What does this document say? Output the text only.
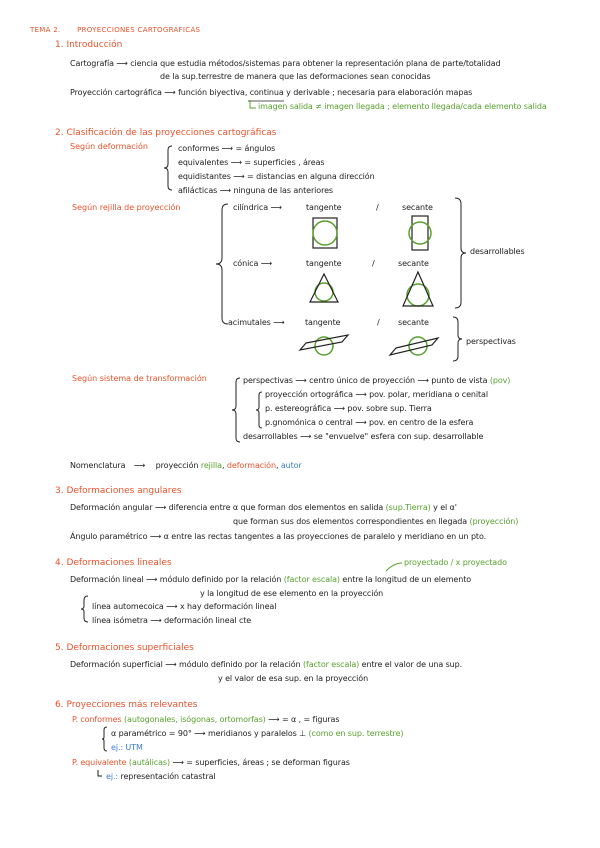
TEMA 2. PROYECCIONES CARTOGRÁFICAS
1. Introducción
Cartografía ⟶ ciencia que estudia métodos/sistemas para obtener la representación plana de parte/totalidad
de la sup.terrestre de manera que las deformaciones sean conocidas
Proyección cartográfica ⟶ función biyectiva, continua y derivable ; necesaria para elaboración mapas
imagen salida ≠ imagen llegada ; elemento llegada/cada elemento salida
2. Clasificación de las proyecciones cartográficas
Según deformación	conformes ⟶ = ángulos
equivalentes ⟶ = superficies , áreas
equidistantes ⟶ = distancias en alguna dirección
afilácticas ⟶ ninguna de las anteriores
Según rejilla de proyección	cilíndrica ⟶	tangente	/	secante
cónica ⟶	tangente	/	secante
acimutales ⟶	tangente	/ secante
desarrollables
perspectivas
Según sistema de transformación	perspectivas ⟶ centro único de proyección ⟶ punto de vista (pov)
proyección ortográfica ⟶ pov. polar, meridiana o cenital
p. estereográfica ⟶ pov. sobre sup. Tierra
p.gnomónica o central ⟶ pov. en centro de la esfera
desarrollables ⟶ se "envuelve" esfera con sup. desarrollable
Nomenclatura ⟶ proyección rejilla, deformación, autor
3. Deformaciones angulares
Deformación angular ⟶ diferencia entre α que forman dos elementos en salida (sup.Tierra) y el α'
que forman sus dos elementos correspondientes en llegada (proyección)
Ángulo paramétrico ⟶ α entre las rectas tangentes a las proyecciones de paralelo y meridiano en un pto.
4. Deformaciones lineales	proyectado / x proyectado
Deformación lineal ⟶ módulo definido por la relación (factor escala) entre la longitud de un elemento
y la longitud de ese elemento en la proyección
línea automecoica ⟶ x hay deformación lineal
línea isómetra ⟶ deformación lineal cte
5. Deformaciones superficiales
Deformación superficial ⟶ módulo definido por la relación (factor escala) entre el valor de una sup.
y el valor de esa sup. en la proyección
6. Proyecciones más relevantes
P. conformes (autogonales, isógonas, ortomorfas) ⟶ = α , = figuras
α paramétrico = 90° ⟶ meridianos y paralelos ⊥ (como en sup. terrestre)
ej.: UTM
P. equivalente (autálicas) ⟶ = superficies, áreas ; se deforman figuras
ej.: representación catastral
